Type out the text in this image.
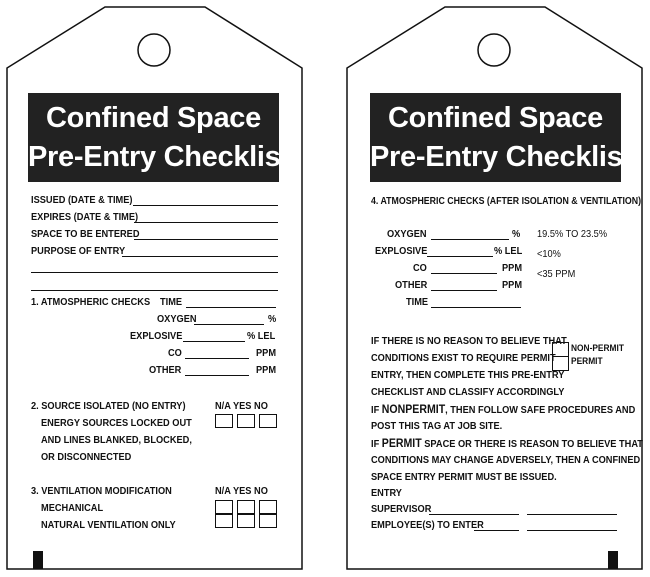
Confined Space
Pre-Entry Checklist
ISSUED (DATE & TIME)
EXPIRES (DATE & TIME)
SPACE TO BE ENTERED
PURPOSE OF ENTRY
1. ATMOSPHERIC CHECKS TIME
OXYGEN	%
EXPLOSIVE	% LEL
CO	PPM
OTHER	PPM
2. SOURCE ISOLATED (NO ENTRY)
ENERGY SOURCES LOCKED OUT
AND LINES BLANKED, BLOCKED,
OR DISCONNECTED
N/A YES NO
3. VENTILATION MODIFICATION
MECHANICAL
NATURAL VENTILATION ONLY
N/A YES NO
Confined Space
Pre-Entry Checklist
4. ATMOSPHERIC CHECKS (AFTER ISOLATION & VENTILATION)
OXYGEN	% 19.5% TO 23.5%
EXPLOSIVE	% LEL <10%
CO	PPM <35 PPM
OTHER	PPM
TIME
IF THERE IS NO REASON TO BELIEVE THAT
CONDITIONS EXIST TO REQUIRE PERMIT
ENTRY, THEN COMPLETE THIS PRE-ENTRY
CHECKLIST AND CLASSIFY ACCORDINGLY
NON-PERMIT
PERMIT
IF NONPERMIT, THEN FOLLOW SAFE PROCEDURES AND
POST THIS TAG AT JOB SITE.
IF PERMIT SPACE OR THERE IS REASON TO BELIEVE THAT
CONDITIONS MAY CHANGE ADVERSELY, THEN A CONFINED
SPACE ENTRY PERMIT MUST BE ISSUED.
ENTRY
SUPERVISOR
EMPLOYEE(S) TO ENTER
